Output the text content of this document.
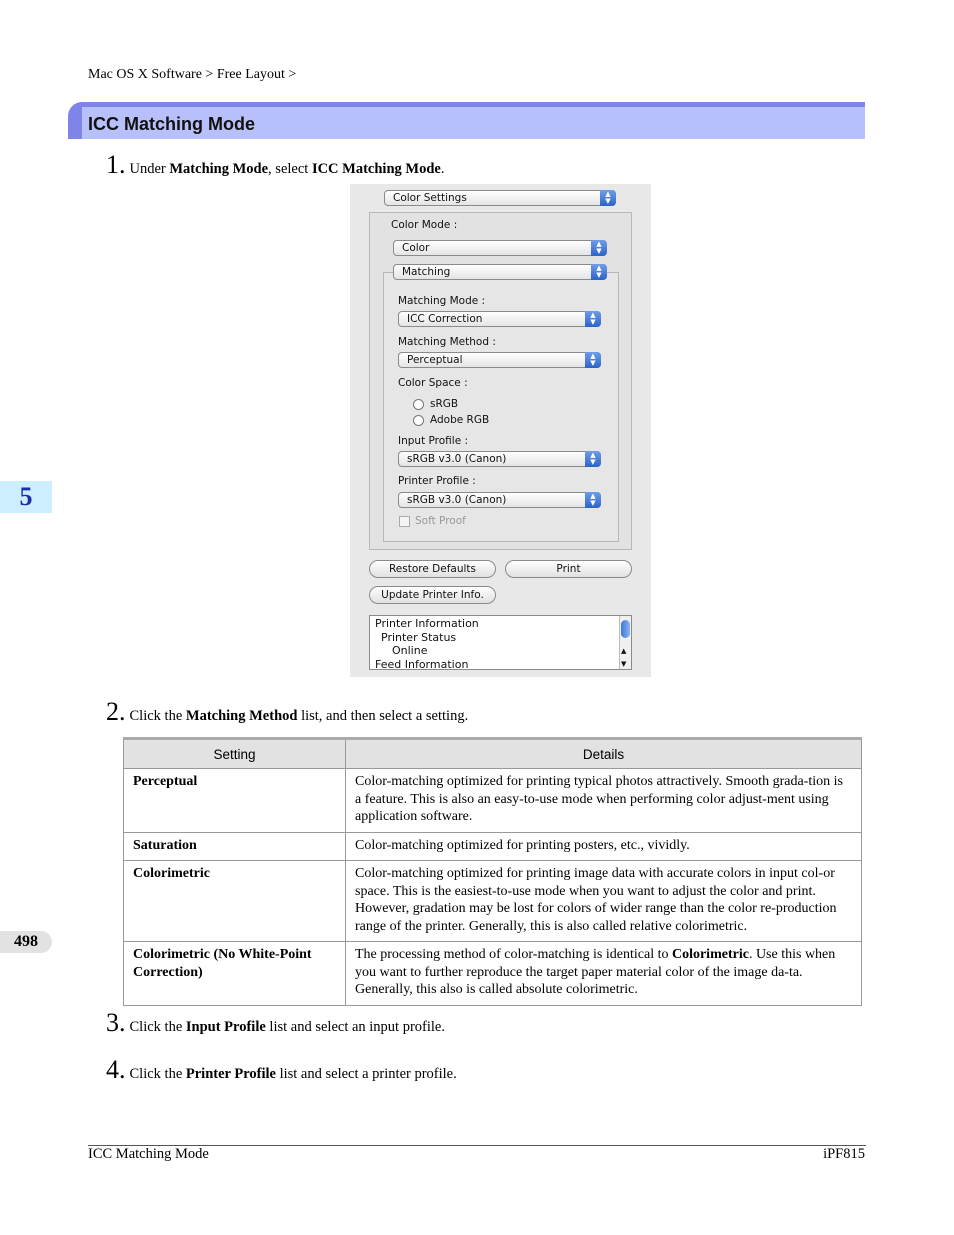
Mac OS X Software > Free Layout >
ICC Matching Mode
1. Under Matching Mode, select ICC Matching Mode.
Color Settings	▲
▼
Color Mode :
Color	▲
▼
Matching	▲
▼
Matching Mode :
ICC Correction	▲
▼
Matching Method :
Perceptual	▲
▼
Color Space :
sRGB
Adobe RGB
Input Profile :
sRGB v3.0 (Canon)	▲
▼
Printer Profile :
sRGB v3.0 (Canon)	▲
▼
Soft Proof
Restore Defaults	Print
Update Printer Info.
Printer Information
Printer Status
Online
Feed Information
▲
▼
5
2. Click the Matching Method list, and then select a setting.
Setting	Details
Perceptual	Color-matching optimized for printing typical photos attractively. Smooth grada-tion is a feature. This is also an easy-to-use mode when performing color adjust-ment using application software.
Saturation	Color-matching optimized for printing posters, etc., vividly.
Colorimetric	Color-matching optimized for printing image data with accurate colors in input col-or space. This is the easiest-to-use mode when you want to adjust the color and print. However, gradation may be lost for colors of wider range than the color re-production range of the printer. Generally, this is also called relative colorimetric.
Colorimetric (No White-Point Correction)	The processing method of color-matching is identical to Colorimetric. Use this when you want to further reproduce the target paper material color of the image da-ta. Generally, this also is called absolute colorimetric.
498
3. Click the Input Profile list and select an input profile.
4. Click the Printer Profile list and select a printer profile.
ICC Matching Mode	iPF815
